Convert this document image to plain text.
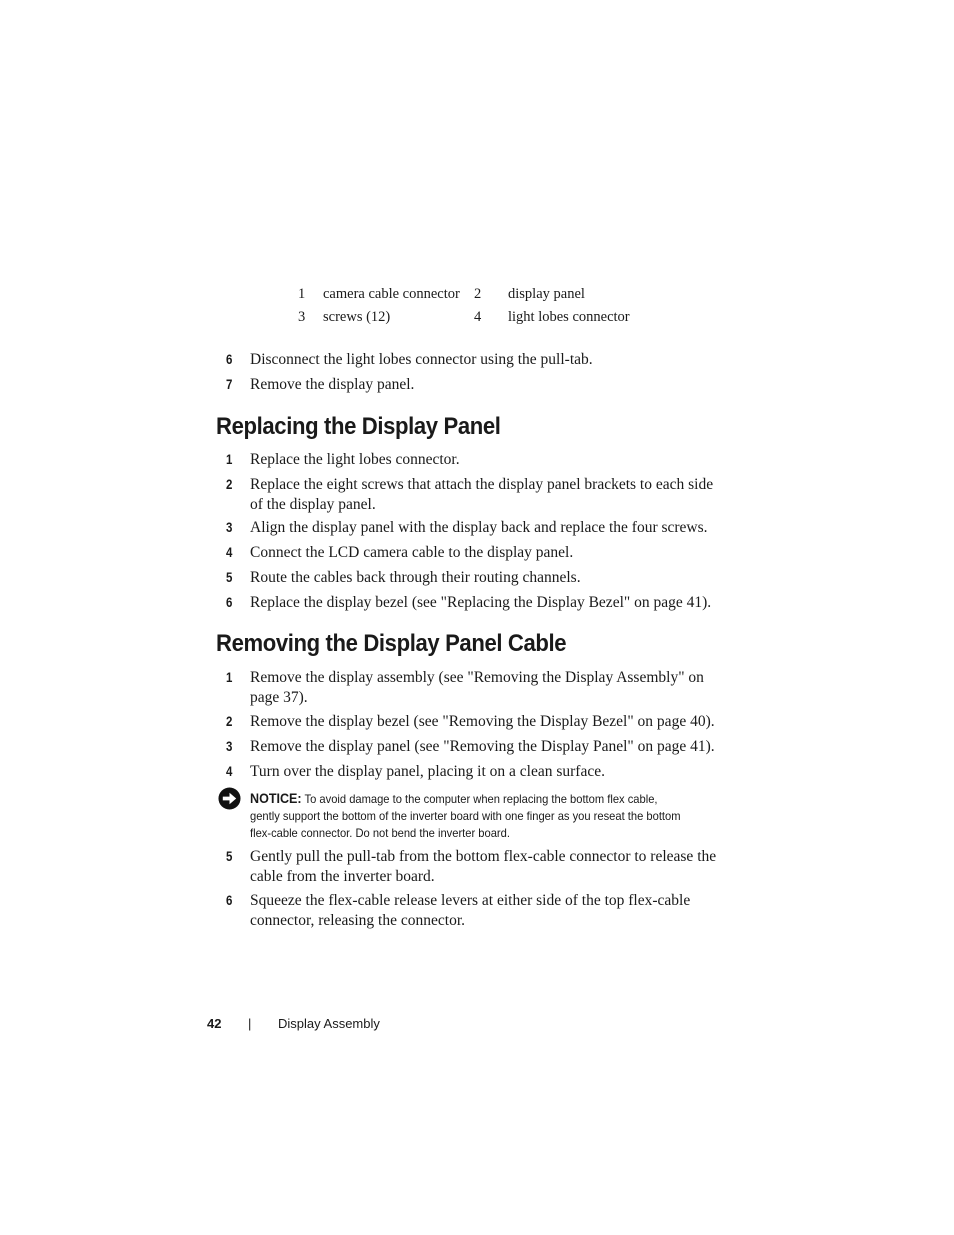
1 camera cable connector 2 display panel
3 screws (12)	4 light lobes connector
6 Disconnect the light lobes connector using the pull-tab.
7 Remove the display panel.
Replacing the Display Panel
1 Replace the light lobes connector.
2 Replace the eight screws that attach the display panel brackets to each side of the display panel.
3 Align the display panel with the display back and replace the four screws.
4 Connect the LCD camera cable to the display panel.
5 Route the cables back through their routing channels.
6 Replace the display bezel (see "Replacing the Display Bezel" on page 41).
Removing the Display Panel Cable
1 Remove the display assembly (see "Removing the Display Assembly" on page 37).
2 Remove the display bezel (see "Removing the Display Bezel" on page 40).
3 Remove the display panel (see "Removing the Display Panel" on page 41).
4 Turn over the display panel, placing it on a clean surface.
NOTICE: To avoid damage to the computer when replacing the bottom flex cable, gently support the bottom of the inverter board with one finger as you reseat the bottom flex-cable connector. Do not bend the inverter board.
5 Gently pull the pull-tab from the bottom flex-cable connector to release the cable from the inverter board.
6 Squeeze the flex-cable release levers at either side of the top flex-cable connector, releasing the connector.
42 | Display Assembly
